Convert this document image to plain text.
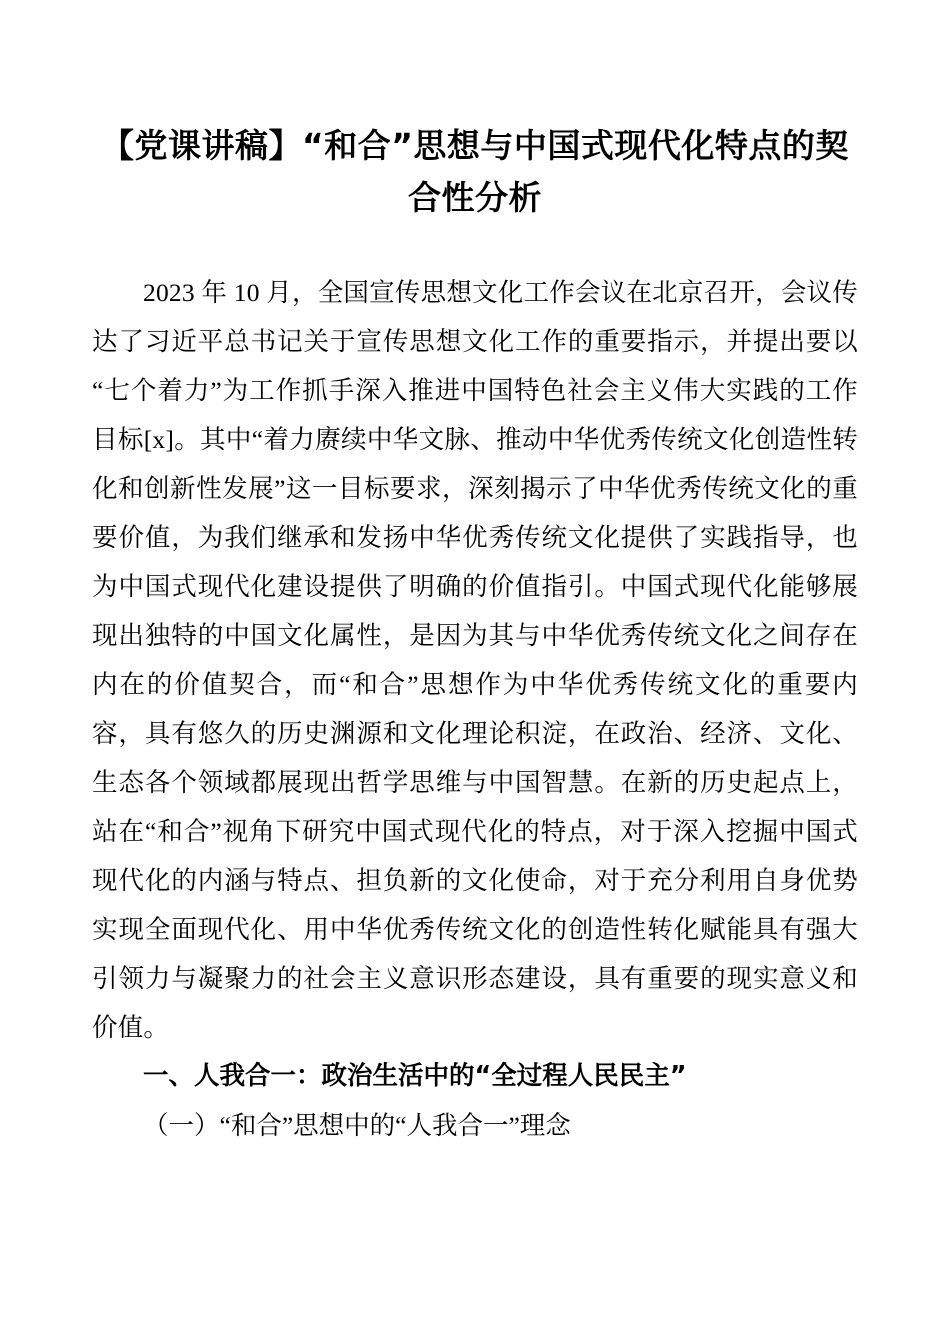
【党课讲稿】“和合”思想与中国式现代化特点的契合性分析

2023 年 10 月，全国宣传思想文化工作会议在北京召开，会议传达了习近平总书记关于宣传思想文化工作的重要指示，并提出要以“七个着力”为工作抓手深入推进中国特色社会主义伟大实践的工作目标[x]。其中“着力赓续中华文脉、推动中华优秀传统文化创造性转化和创新性发展”这一目标要求，深刻揭示了中华优秀传统文化的重要价值，为我们继承和发扬中华优秀传统文化提供了实践指导，也为中国式现代化建设提供了明确的价值指引。中国式现代化能够展现出独特的中国文化属性，是因为其与中华优秀传统文化之间存在内在的价值契合，而“和合”思想作为中华优秀传统文化的重要内容，具有悠久的历史渊源和文化理论积淀，在政治、经济、文化、生态各个领域都展现出哲学思维与中国智慧。在新的历史起点上，站在“和合”视角下研究中国式现代化的特点，对于深入挖掘中国式现代化的内涵与特点、担负新的文化使命，对于充分利用自身优势实现全面现代化、用中华优秀传统文化的创造性转化赋能具有强大引领力与凝聚力的社会主义意识形态建设，具有重要的现实意义和价值。

一、人我合一：政治生活中的“全过程人民民主”

（一）“和合”思想中的“人我合一”理念
